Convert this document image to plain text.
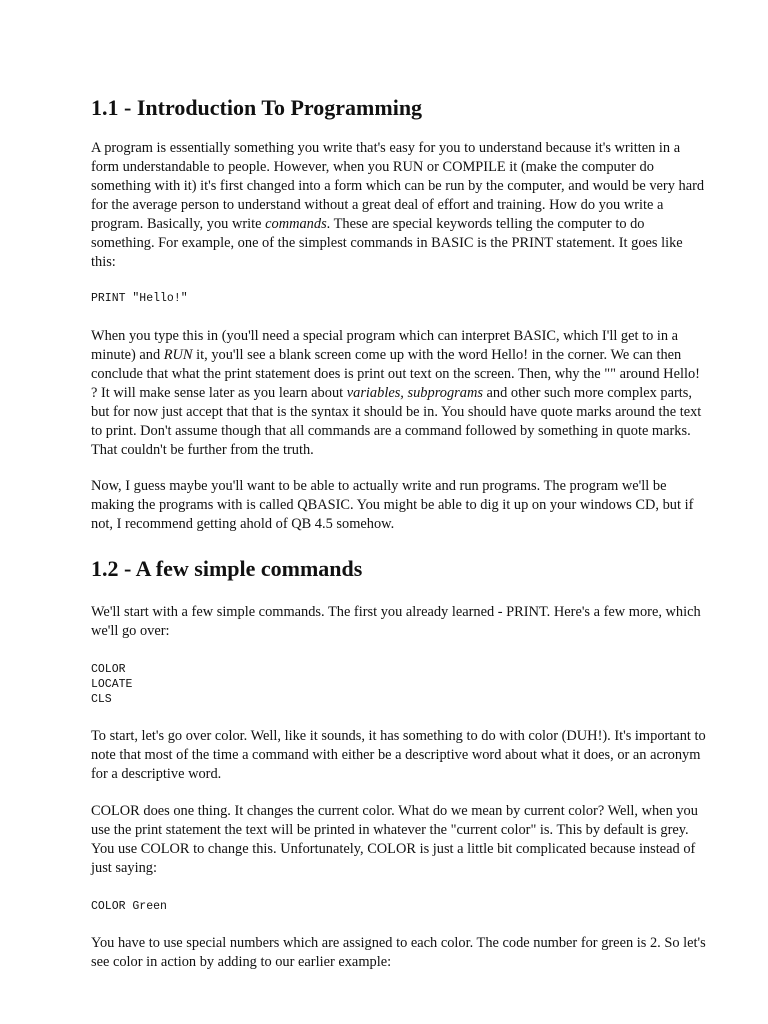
1.1 - Introduction To Programming

A program is essentially something you write that's easy for you to understand because it's written in a form understandable to people. However, when you RUN or COMPILE it (make the computer do something with it) it's first changed into a form which can be run by the computer, and would be very hard for the average person to understand without a great deal of effort and training. How do you write a program. Basically, you write commands. These are special keywords telling the computer to do something. For example, one of the simplest commands in BASIC is the PRINT statement. It goes like this:

PRINT "Hello!"

When you type this in (you'll need a special program which can interpret BASIC, which I'll get to in a minute) and RUN it, you'll see a blank screen come up with the word Hello! in the corner. We can then conclude that what the print statement does is print out text on the screen. Then, why the "" around Hello! ? It will make sense later as you learn about variables, subprograms and other such more complex parts, but for now just accept that that is the syntax it should be in. You should have quote marks around the text to print. Don't assume though that all commands are a command followed by something in quote marks. That couldn't be further from the truth.

Now, I guess maybe you'll want to be able to actually write and run programs. The program we'll be making the programs with is called QBASIC. You might be able to dig it up on your windows CD, but if not, I recommend getting ahold of QB 4.5 somehow.

1.2 - A few simple commands

We'll start with a few simple commands. The first you already learned - PRINT. Here's a few more, which we'll go over:

COLOR
LOCATE
CLS

To start, let's go over color. Well, like it sounds, it has something to do with color (DUH!). It's important to note that most of the time a command with either be a descriptive word about what it does, or an acronym for a descriptive word.

COLOR does one thing. It changes the current color. What do we mean by current color? Well, when you use the print statement the text will be printed in whatever the "current color" is. This by default is grey. You use COLOR to change this. Unfortunately, COLOR is just a little bit complicated because instead of just saying:

COLOR Green

You have to use special numbers which are assigned to each color. The code number for green is 2. So let's see color in action by adding to our earlier example:
